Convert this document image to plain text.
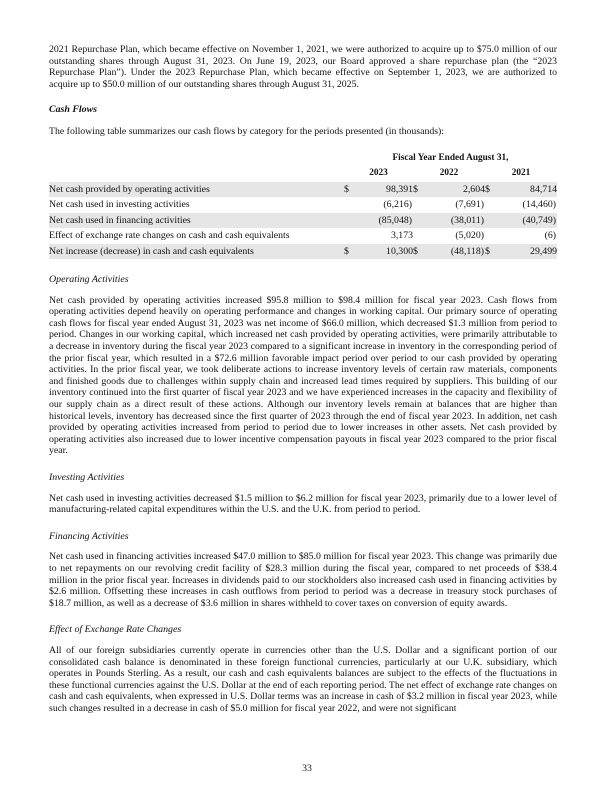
2021 Repurchase Plan, which became effective on November 1, 2021, we were authorized to acquire up to $75.0 million of our outstanding shares through August 31, 2023. On June 19, 2023, our Board approved a share repurchase plan (the “2023 Repurchase Plan”). Under the 2023 Repurchase Plan, which became effective on September 1, 2023, we are authorized to acquire up to $50.0 million of our outstanding shares through August 31, 2025.

Cash Flows

The following table summarizes our cash flows by category for the periods presented (in thousands):

	Fiscal Year Ended August 31,					
	2023		2022		2021	
Net cash provided by operating activities	$	98,391	$	2,604	$	84,714
Net cash used in investing activities		(6,216)		(7,691)		(14,460)
Net cash used in financing activities		(85,048)		(38,011)		(40,749)
Effect of exchange rate changes on cash and cash equivalents		3,173		(5,020)		(6)
Net increase (decrease) in cash and cash equivalents	$	10,300	$	(48,118)	$	29,499
Operating Activities

Net cash provided by operating activities increased $95.8 million to $98.4 million for fiscal year 2023. Cash flows from operating activities depend heavily on operating performance and changes in working capital. Our primary source of operating cash flows for fiscal year ended August 31, 2023 was net income of $66.0 million, which decreased $1.3 million from period to period. Changes in our working capital, which increased net cash provided by operating activities, were primarily attributable to a decrease in inventory during the fiscal year 2023 compared to a significant increase in inventory in the corresponding period of the prior fiscal year, which resulted in a $72.6 million favorable impact period over period to our cash provided by operating activities. In the prior fiscal year, we took deliberate actions to increase inventory levels of certain raw materials, components and finished goods due to challenges within supply chain and increased lead times required by suppliers. This building of our inventory continued into the first quarter of fiscal year 2023 and we have experienced increases in the capacity and flexibility of our supply chain as a direct result of these actions. Although our inventory levels remain at balances that are higher than historical levels, inventory has decreased since the first quarter of 2023 through the end of fiscal year 2023. In addition, net cash provided by operating activities increased from period to period due to lower increases in other assets. Net cash provided by operating activities also increased due to lower incentive compensation payouts in fiscal year 2023 compared to the prior fiscal year.

Investing Activities

Net cash used in investing activities decreased $1.5 million to $6.2 million for fiscal year 2023, primarily due to a lower level of manufacturing-related capital expenditures within the U.S. and the U.K. from period to period.

Financing Activities

Net cash used in financing activities increased $47.0 million to $85.0 million for fiscal year 2023. This change was primarily due to net repayments on our revolving credit facility of $28.3 million during the fiscal year, compared to net proceeds of $38.4 million in the prior fiscal year. Increases in dividends paid to our stockholders also increased cash used in financing activities by $2.6 million. Offsetting these increases in cash outflows from period to period was a decrease in treasury stock purchases of $18.7 million, as well as a decrease of $3.6 million in shares withheld to cover taxes on conversion of equity awards.

Effect of Exchange Rate Changes

All of our foreign subsidiaries currently operate in currencies other than the U.S. Dollar and a significant portion of our consolidated cash balance is denominated in these foreign functional currencies, particularly at our U.K. subsidiary, which operates in Pounds Sterling. As a result, our cash and cash equivalents balances are subject to the effects of the fluctuations in these functional currencies against the U.S. Dollar at the end of each reporting period. The net effect of exchange rate changes on cash and cash equivalents, when expressed in U.S. Dollar terms was an increase in cash of $3.2 million in fiscal year 2023, while such changes resulted in a decrease in cash of $5.0 million for fiscal year 2022, and were not significant

33
